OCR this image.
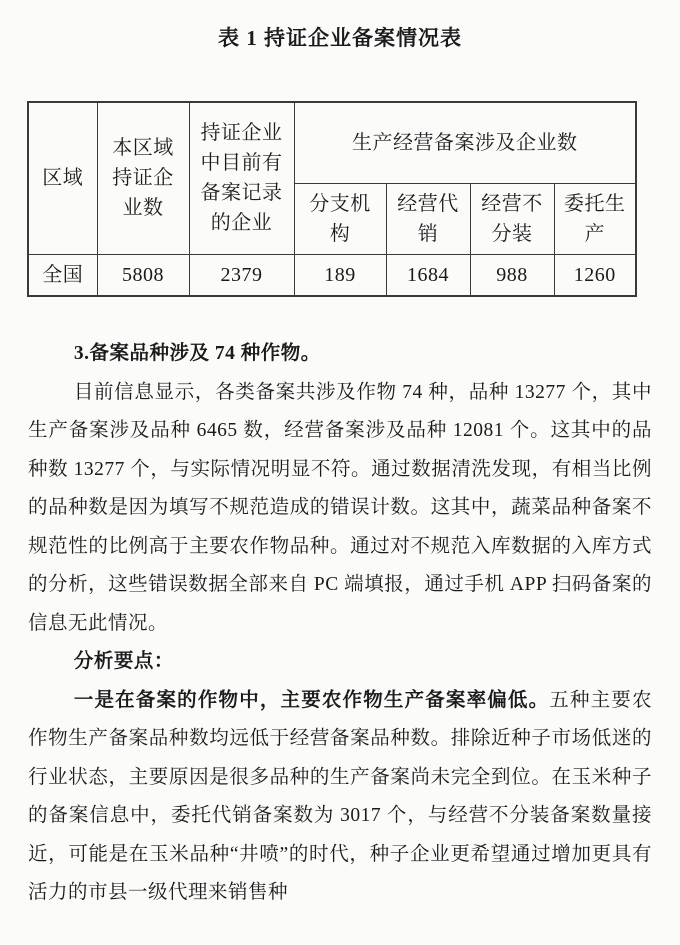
表 1 持证企业备案情况表
区域	本区域持证企业数	持证企业中目前有备案记录的企业	生产经营备案涉及企业数			
			分支机构	经营代销	经营不分装	委托生产
全国	5808	2379	189	1684	988	1260

3.备案品种涉及 74 种作物。

目前信息显示，各类备案共涉及作物 74 种，品种 13277 个，其中生产备案涉及品种 6465 数，经营备案涉及品种 12081 个。这其中的品种数 13277 个，与实际情况明显不符。通过数据清洗发现，有相当比例的品种数是因为填写不规范造成的错误计数。这其中，蔬菜品种备案不规范性的比例高于主要农作物品种。通过对不规范入库数据的入库方式的分析，这些错误数据全部来自 PC 端填报，通过手机 APP 扫码备案的信息无此情况。

分析要点：

一是在备案的作物中，主要农作物生产备案率偏低。五种主要农作物生产备案品种数均远低于经营备案品种数。排除近种子市场低迷的行业状态，主要原因是很多品种的生产备案尚未完全到位。在玉米种子的备案信息中，委托代销备案数为 3017 个，与经营不分装备案数量接近，可能是在玉米品种“井喷”的时代，种子企业更希望通过增加更具有活力的市县一级代理来销售种
